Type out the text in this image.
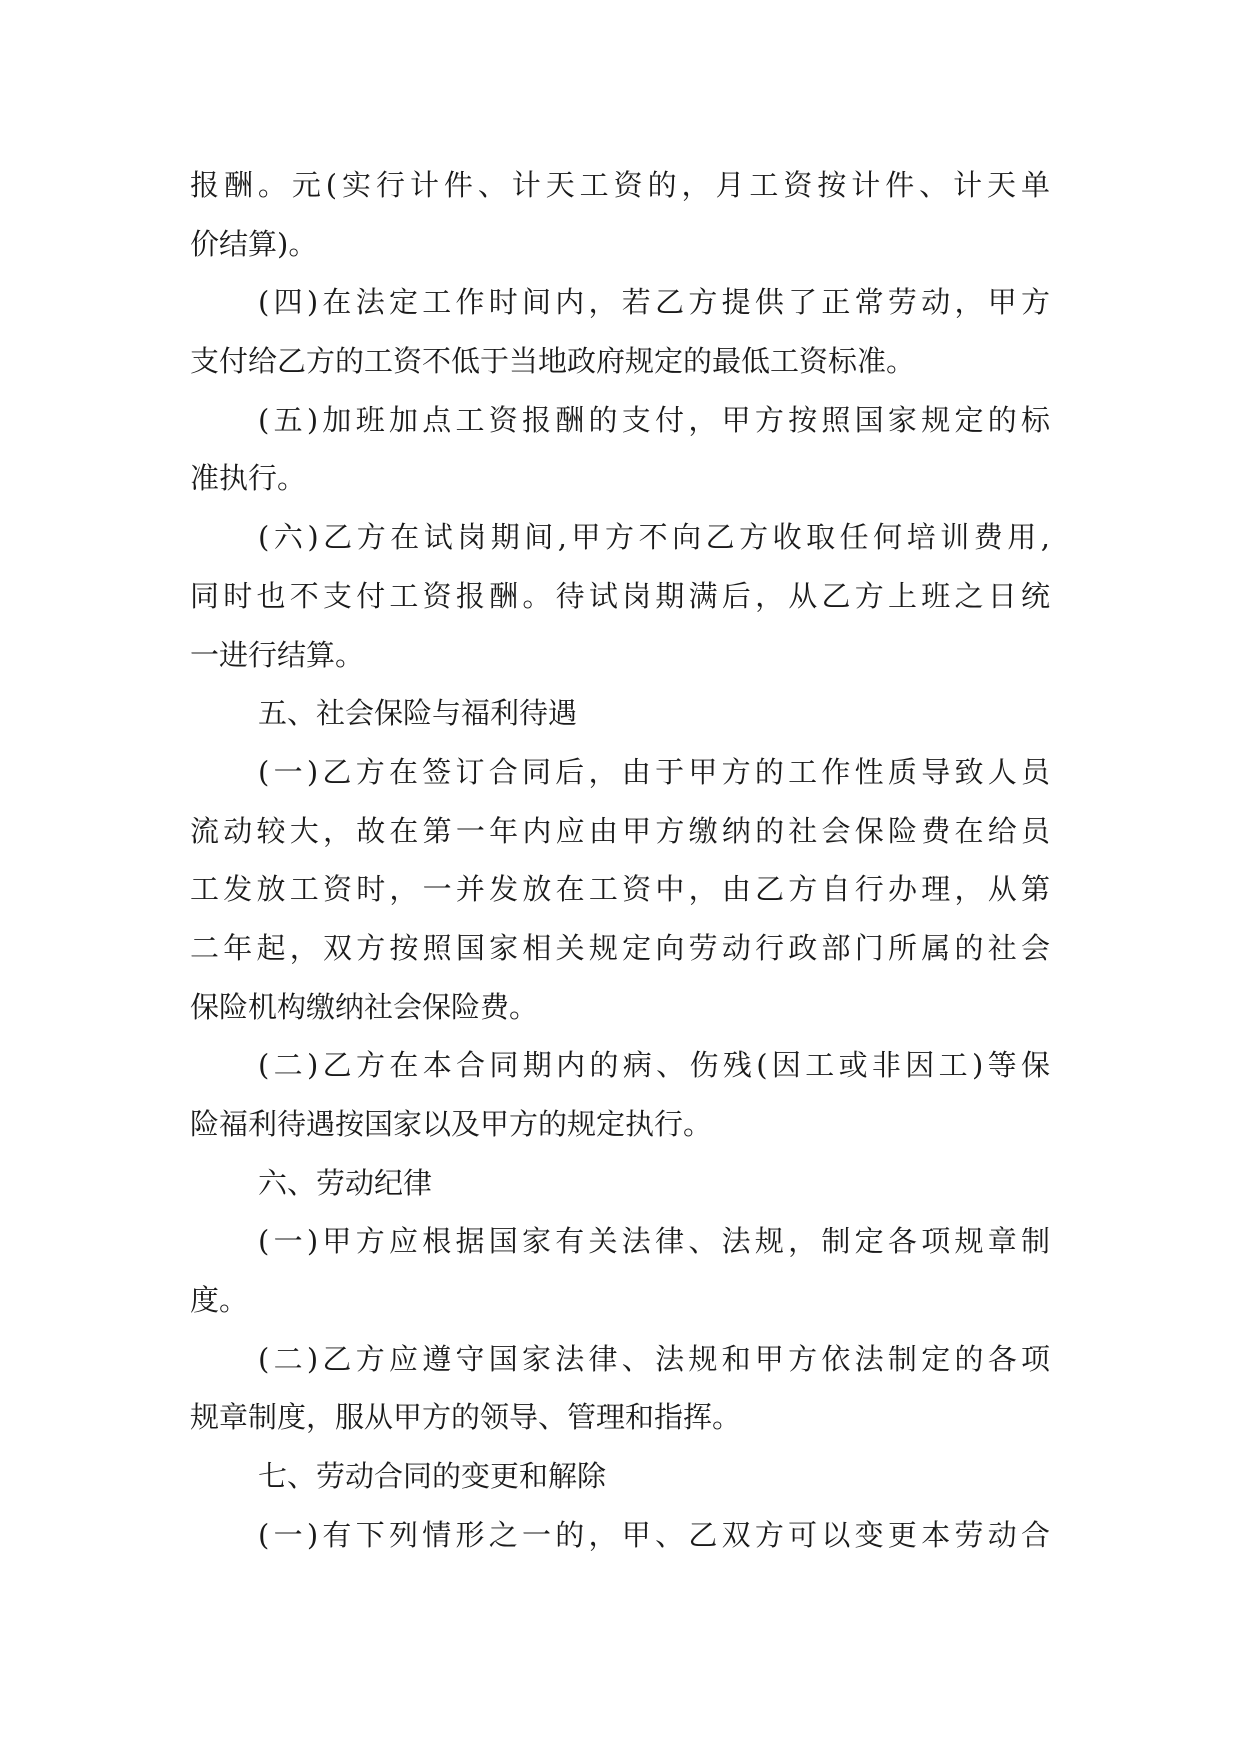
报酬。元(实行计件、计天工资的，月工资按计件、计天单
价结算)。
(四)在法定工作时间内，若乙方提供了正常劳动，甲方
支付给乙方的工资不低于当地政府规定的最低工资标准。
(五)加班加点工资报酬的支付，甲方按照国家规定的标
准执行。
(六)乙方在试岗期间,甲方不向乙方收取任何培训费用,
同时也不支付工资报酬。待试岗期满后，从乙方上班之日统
一进行结算。
五、社会保险与福利待遇
(一)乙方在签订合同后，由于甲方的工作性质导致人员
流动较大，故在第一年内应由甲方缴纳的社会保险费在给员
工发放工资时，一并发放在工资中，由乙方自行办理，从第
二年起，双方按照国家相关规定向劳动行政部门所属的社会
保险机构缴纳社会保险费。
(二)乙方在本合同期内的病、伤残(因工或非因工)等保
险福利待遇按国家以及甲方的规定执行。
六、劳动纪律
(一)甲方应根据国家有关法律、法规，制定各项规章制
度。
(二)乙方应遵守国家法律、法规和甲方依法制定的各项
规章制度，服从甲方的领导、管理和指挥。
七、劳动合同的变更和解除
(一)有下列情形之一的，甲、乙双方可以变更本劳动合
